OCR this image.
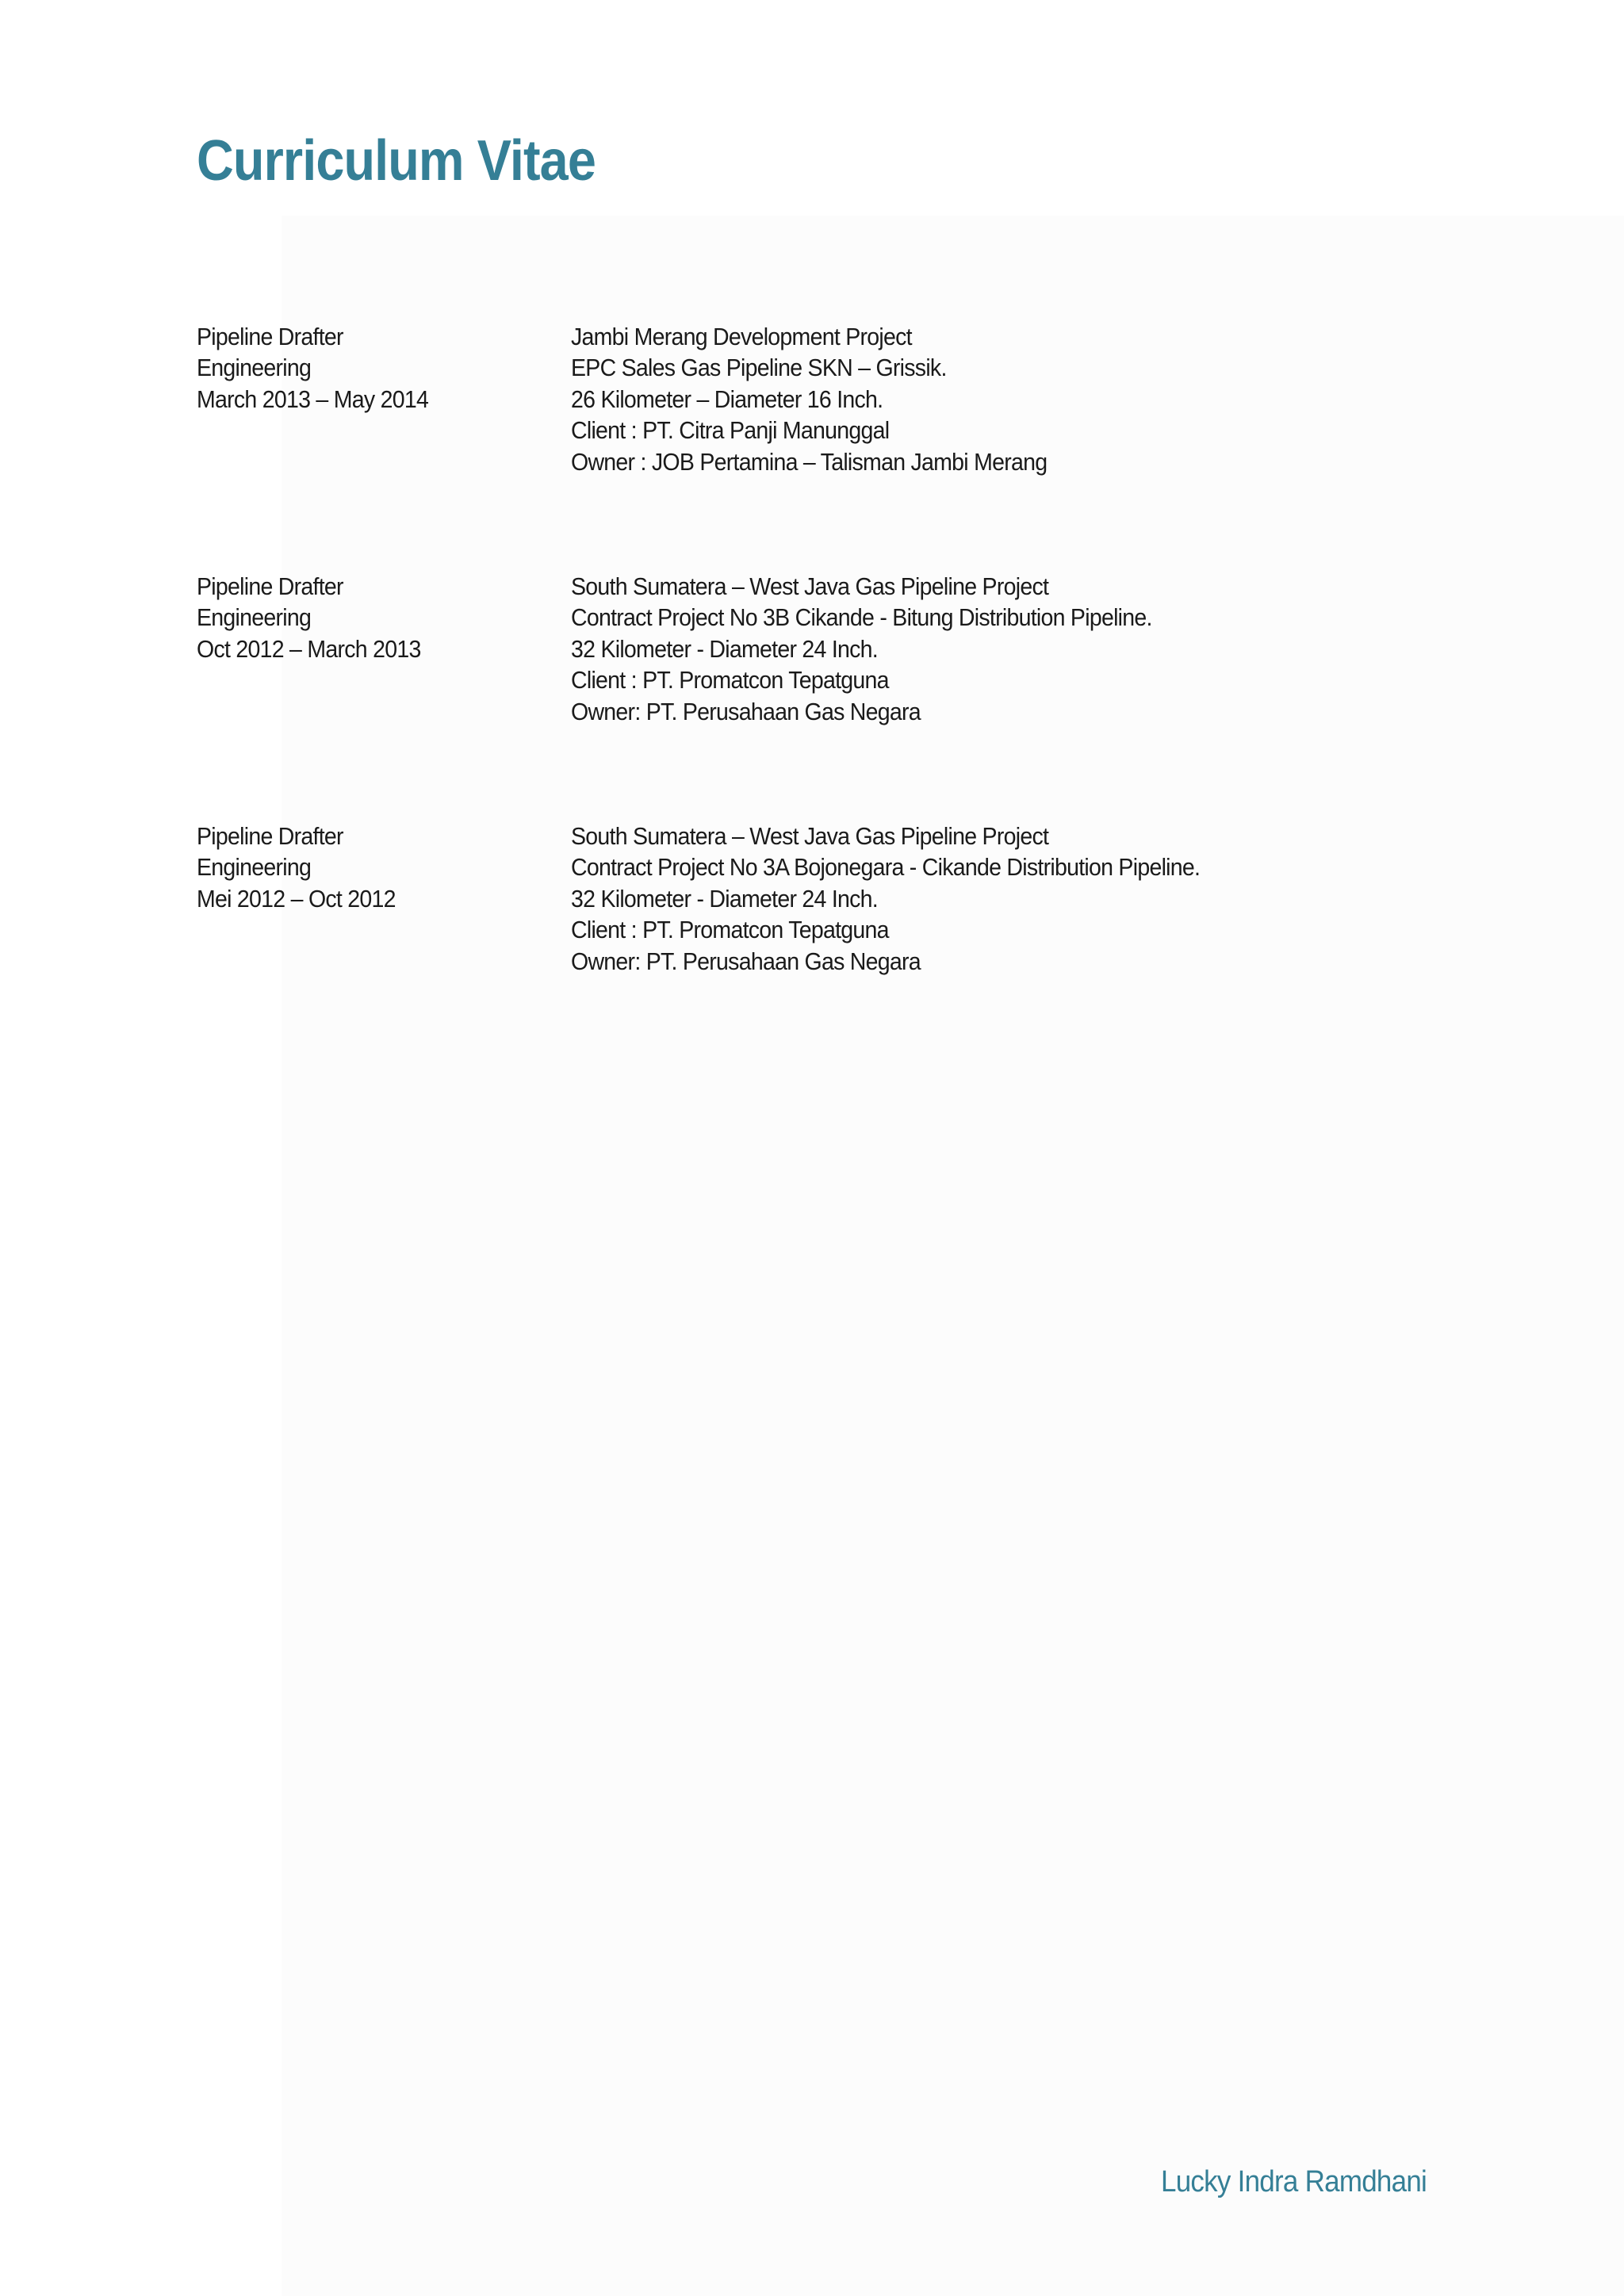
Curriculum Vitae
Pipeline Drafter
Engineering
March 2013 – May 2014
Jambi Merang Development Project
EPC Sales Gas Pipeline SKN – Grissik.
26 Kilometer – Diameter 16 Inch.
Client : PT. Citra Panji Manunggal
Owner : JOB Pertamina – Talisman Jambi Merang
Pipeline Drafter
Engineering
Oct 2012 – March 2013
South Sumatera – West Java Gas Pipeline Project
Contract Project No 3B Cikande - Bitung Distribution Pipeline.
32 Kilometer - Diameter 24 Inch.
Client : PT. Promatcon Tepatguna
Owner: PT. Perusahaan Gas Negara
Pipeline Drafter
Engineering
Mei 2012 – Oct 2012
South Sumatera – West Java Gas Pipeline Project
Contract Project No 3A Bojonegara - Cikande Distribution Pipeline.
32 Kilometer - Diameter 24 Inch.
Client : PT. Promatcon Tepatguna
Owner: PT. Perusahaan Gas Negara
Lucky Indra Ramdhani
